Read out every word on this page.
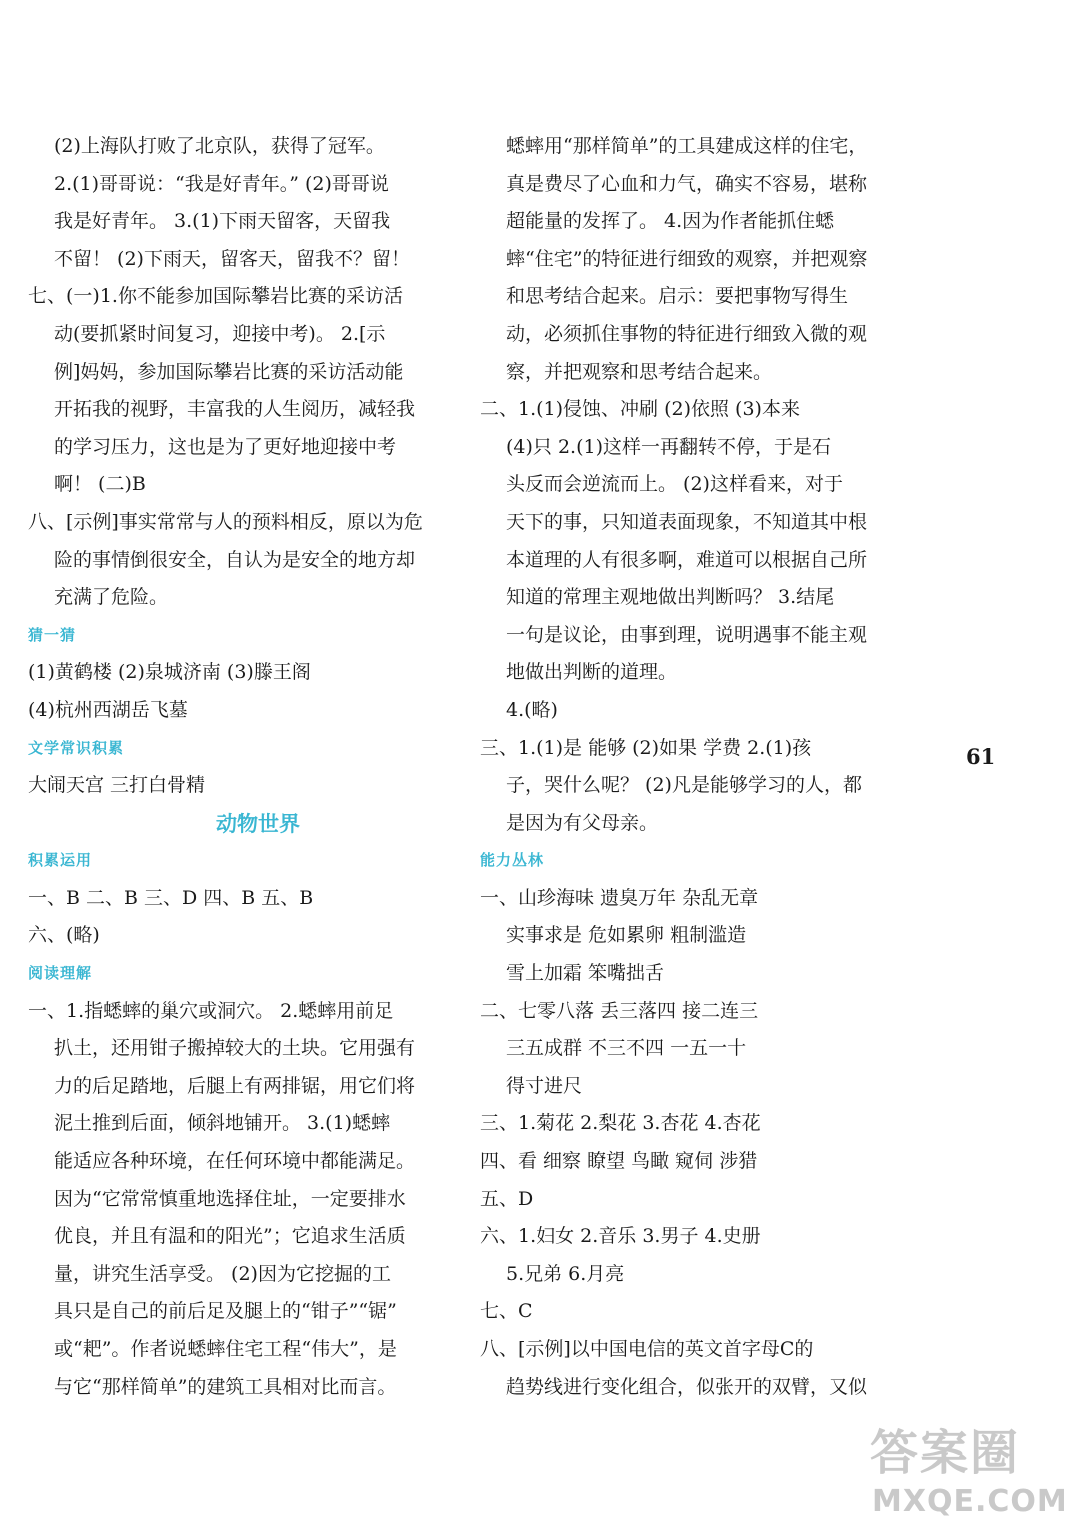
(2)上海队打败了北京队，获得了冠军。
2.(1)哥哥说：“我是好青年。” (2)哥哥说
我是好青年。 3.(1)下雨天留客，天留我
不留！ (2)下雨天，留客天，留我不？留！
七、(一)1.你不能参加国际攀岩比赛的采访活
动(要抓紧时间复习，迎接中考)。 2.[示
例]妈妈，参加国际攀岩比赛的采访活动能
开拓我的视野，丰富我的人生阅历，减轻我
的学习压力，这也是为了更好地迎接中考
啊！ (二)B
八、[示例]事实常常与人的预料相反，原以为危
险的事情倒很安全，自认为是安全的地方却
充满了危险。
猜一猜
(1)黄鹤楼 (2)泉城济南 (3)滕王阁
(4)杭州西湖岳飞墓
文学常识积累
大闹天宫 三打白骨精
动物世界
积累运用
一、B 二、B 三、D 四、B 五、B
六、(略)
阅读理解
一、1.指蟋蟀的巢穴或洞穴。 2.蟋蟀用前足
扒土，还用钳子搬掉较大的土块。它用强有
力的后足踏地，后腿上有两排锯，用它们将
泥土推到后面，倾斜地铺开。 3.(1)蟋蟀
能适应各种环境，在任何环境中都能满足。
因为“它常常慎重地选择住址，一定要排水
优良，并且有温和的阳光”；它追求生活质
量，讲究生活享受。 (2)因为它挖掘的工
具只是自己的前后足及腿上的“钳子”“锯”
或“耙”。作者说蟋蟀住宅工程“伟大”，是
与它“那样简单”的建筑工具相对比而言。
蟋蟀用“那样简单”的工具建成这样的住宅，
真是费尽了心血和力气，确实不容易，堪称
超能量的发挥了。 4.因为作者能抓住蟋
蟀“住宅”的特征进行细致的观察，并把观察
和思考结合起来。启示：要把事物写得生
动，必须抓住事物的特征进行细致入微的观
察，并把观察和思考结合起来。
二、1.(1)侵蚀、冲刷 (2)依照 (3)本来
(4)只 2.(1)这样一再翻转不停，于是石
头反而会逆流而上。 (2)这样看来，对于
天下的事，只知道表面现象，不知道其中根
本道理的人有很多啊，难道可以根据自己所
知道的常理主观地做出判断吗？ 3.结尾
一句是议论，由事到理，说明遇事不能主观
地做出判断的道理。
4.(略)
三、1.(1)是 能够 (2)如果 学费 2.(1)孩
子，哭什么呢？ (2)凡是能够学习的人，都
是因为有父母亲。
能力丛林
一、山珍海味 遗臭万年 杂乱无章
实事求是 危如累卵 粗制滥造
雪上加霜 笨嘴拙舌
二、七零八落 丢三落四 接二连三
三五成群 不三不四 一五一十
得寸进尺
三、1.菊花 2.梨花 3.杏花 4.杏花
四、看 细察 瞭望 鸟瞰 窥伺 涉猎
五、D
六、1.妇女 2.音乐 3.男子 4.史册
5.兄弟 6.月亮
七、C
八、[示例]以中国电信的英文首字母C的
趋势线进行变化组合，似张开的双臂，又似
61
答案圈
MXQE.COM
